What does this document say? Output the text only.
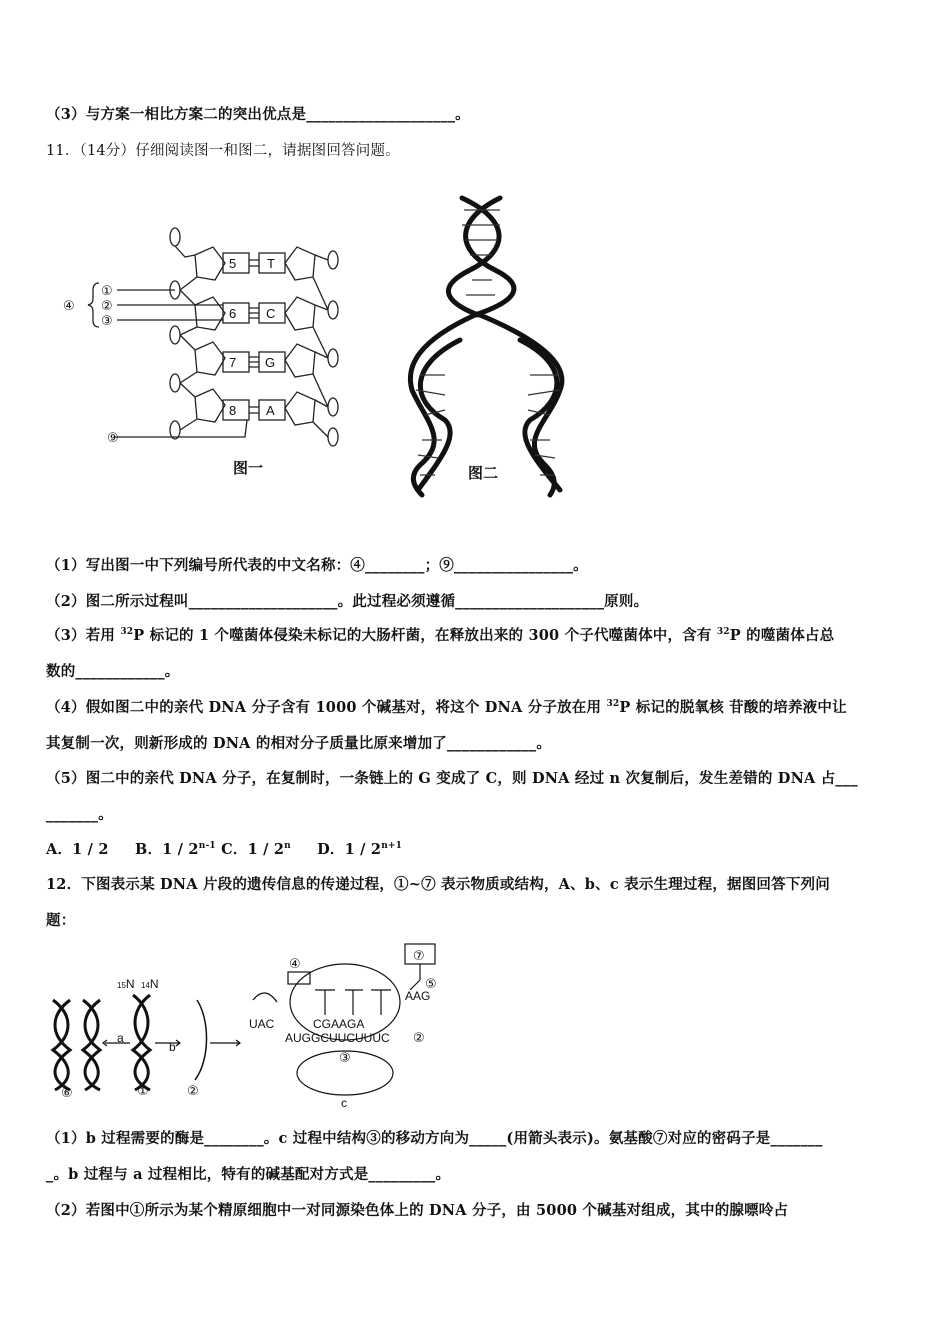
（3）与方案一相比方案二的突出优点是____________________。
11．（14分）仔细阅读图一和图二，请据图回答问题。
④
①
②
③
⑨
5
6
7
8
T
C
G
A
图一	图二
（1）写出图一中下列编号所代表的中文名称：④________；⑨________________。
（2）图二所示过程叫____________________。此过程必须遵循____________________原则。
（3）若用 $^{32}$P 标记的 1 个噬菌体侵染未标记的大肠杆菌，在释放出来的 300 个子代噬菌体中，含有 $^{32}$P 的噬菌体占总
数的____________。
（4）假如图二中的亲代 DNA 分子含有 1000 个碱基对，将这个 DNA 分子放在用 $^{32}$P 标记的脱氧核 苷酸的培养液中让
其复制一次，则新形成的 DNA 的相对分子质量比原来增加了____________。
（5）图二中的亲代 DNA 分子，在复制时，一条链上的 G 变成了 C，则 DNA 经过 n 次复制后，发生差错的 DNA 占___
_______。
A．1 / 2 B．1 / 2$^{n-1}$ C．1 / 2$^n$ D．$1 / 2^{n+1}$
12．下图表示某 DNA 片段的遗传信息的传递过程，①~⑦ 表示物质或结构，A、b、c 表示生理过程，据图回答下列问
题：
15N 14N
a
b
c
①	②
⑥
④
⑦
⑤
③
②
UAC
AAG
CGAAGA
AUGGCUUCUUUC
（1）b 过程需要的酶是________。c 过程中结构③的移动方向为_____(用箭头表示)。氨基酸⑦对应的密码子是_______
_。b 过程与 a 过程相比，特有的碱基配对方式是_________。
（2）若图中①所示为某个精原细胞中一对同源染色体上的 DNA 分子，由 5000 个碱基对组成，其中的腺嘌呤占
